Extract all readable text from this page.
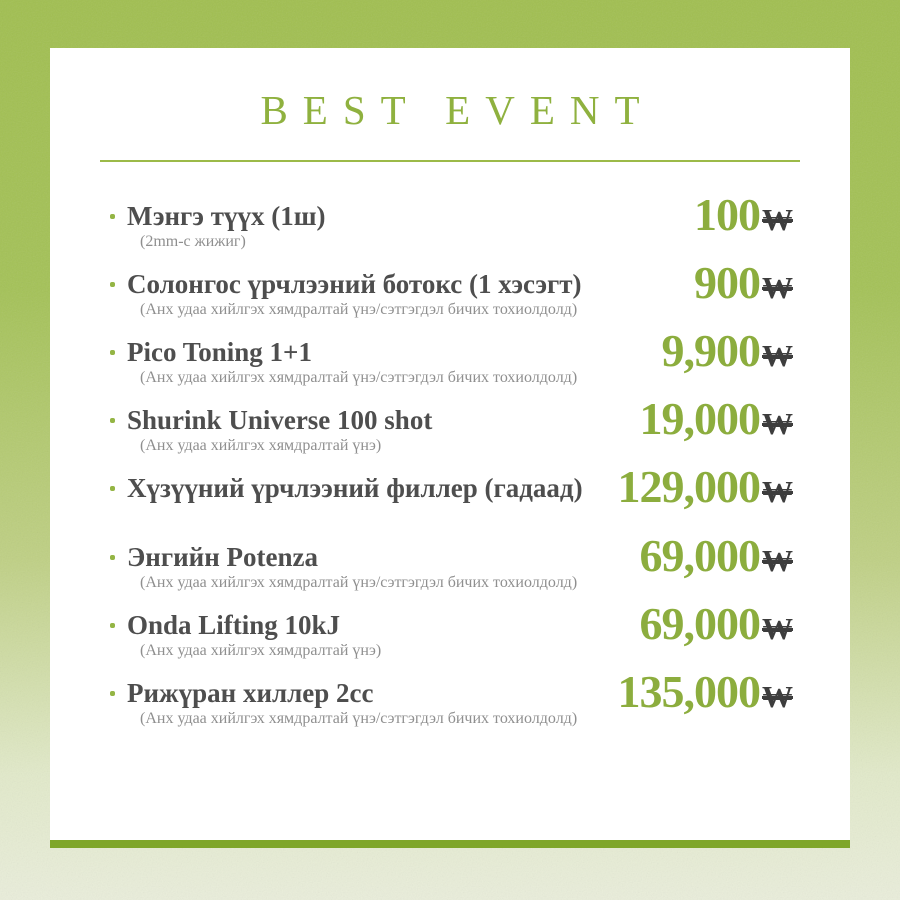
BEST EVENT
Мэнгэ түүх (1ш)
(2mm-с жижиг)
100₩
Солонгос үрчлээний ботокс (1 хэсэгт)
(Анх удаа хийлгэх хямдралтай үнэ/сэтгэгдэл бичих тохиолдолд)
900₩
Pico Toning 1+1
(Анх удаа хийлгэх хямдралтай үнэ/сэтгэгдэл бичих тохиолдолд)
9,900₩
Shurink Universe 100 shot
(Анх удаа хийлгэх хямдралтай үнэ)
19,000₩
Хүзүүний үрчлээний филлер (гадаад) 129,000₩
Энгийн Potenza
(Анх удаа хийлгэх хямдралтай үнэ/сэтгэгдэл бичих тохиолдолд)
69,000₩
Onda Lifting 10kJ
(Анх удаа хийлгэх хямдралтай үнэ)
69,000₩
Рижүран хиллер 2cc
(Анх удаа хийлгэх хямдралтай үнэ/сэтгэгдэл бичих тохиолдолд)
135,000₩
